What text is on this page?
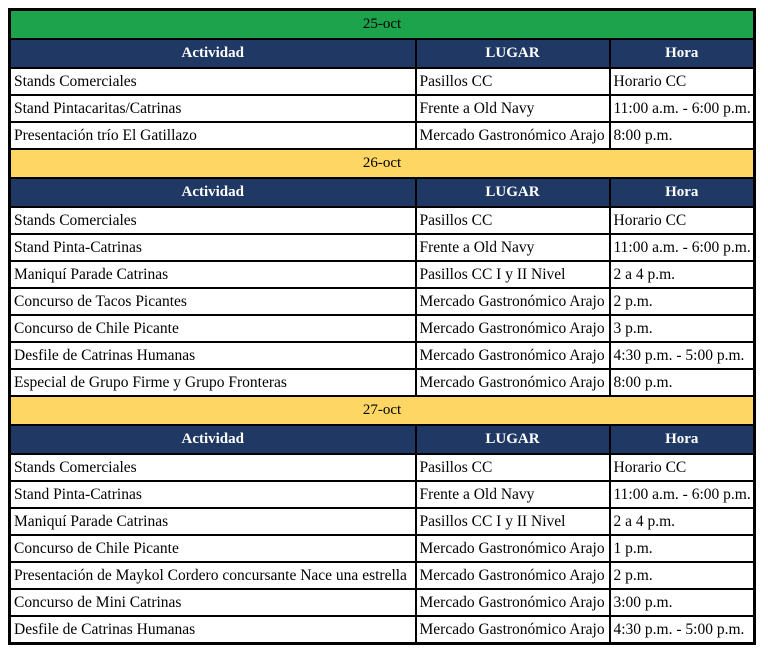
25-oct		
Actividad	LUGAR	Hora
Stands Comerciales	Pasillos CC	Horario CC
Stand Pintacaritas/Catrinas	Frente a Old Navy	11:00 a.m. - 6:00 p.m.
Presentación trío El Gatillazo	Mercado Gastronómico Arajo	8:00 p.m.
26-oct		
Actividad	LUGAR	Hora
Stands Comerciales	Pasillos CC	Horario CC
Stand Pinta-Catrinas	Frente a Old Navy	11:00 a.m. - 6:00 p.m.
Maniquí Parade Catrinas	Pasillos CC I y II Nivel	2 a 4 p.m.
Concurso de Tacos Picantes	Mercado Gastronómico Arajo	2 p.m.
Concurso de Chile Picante	Mercado Gastronómico Arajo	3 p.m.
Desfile de Catrinas Humanas	Mercado Gastronómico Arajo	4:30 p.m. - 5:00 p.m.
Especial de Grupo Firme y Grupo Fronteras	Mercado Gastronómico Arajo	8:00 p.m.
27-oct		
Actividad	LUGAR	Hora
Stands Comerciales	Pasillos CC	Horario CC
Stand Pinta-Catrinas	Frente a Old Navy	11:00 a.m. - 6:00 p.m.
Maniquí Parade Catrinas	Pasillos CC I y II Nivel	2 a 4 p.m.
Concurso de Chile Picante	Mercado Gastronómico Arajo	1 p.m.
Presentación de Maykol Cordero concursante Nace una estrella	Mercado Gastronómico Arajo	2 p.m.
Concurso de Mini Catrinas	Mercado Gastronómico Arajo	3:00 p.m.
Desfile de Catrinas Humanas	Mercado Gastronómico Arajo	4:30 p.m. - 5:00 p.m.
